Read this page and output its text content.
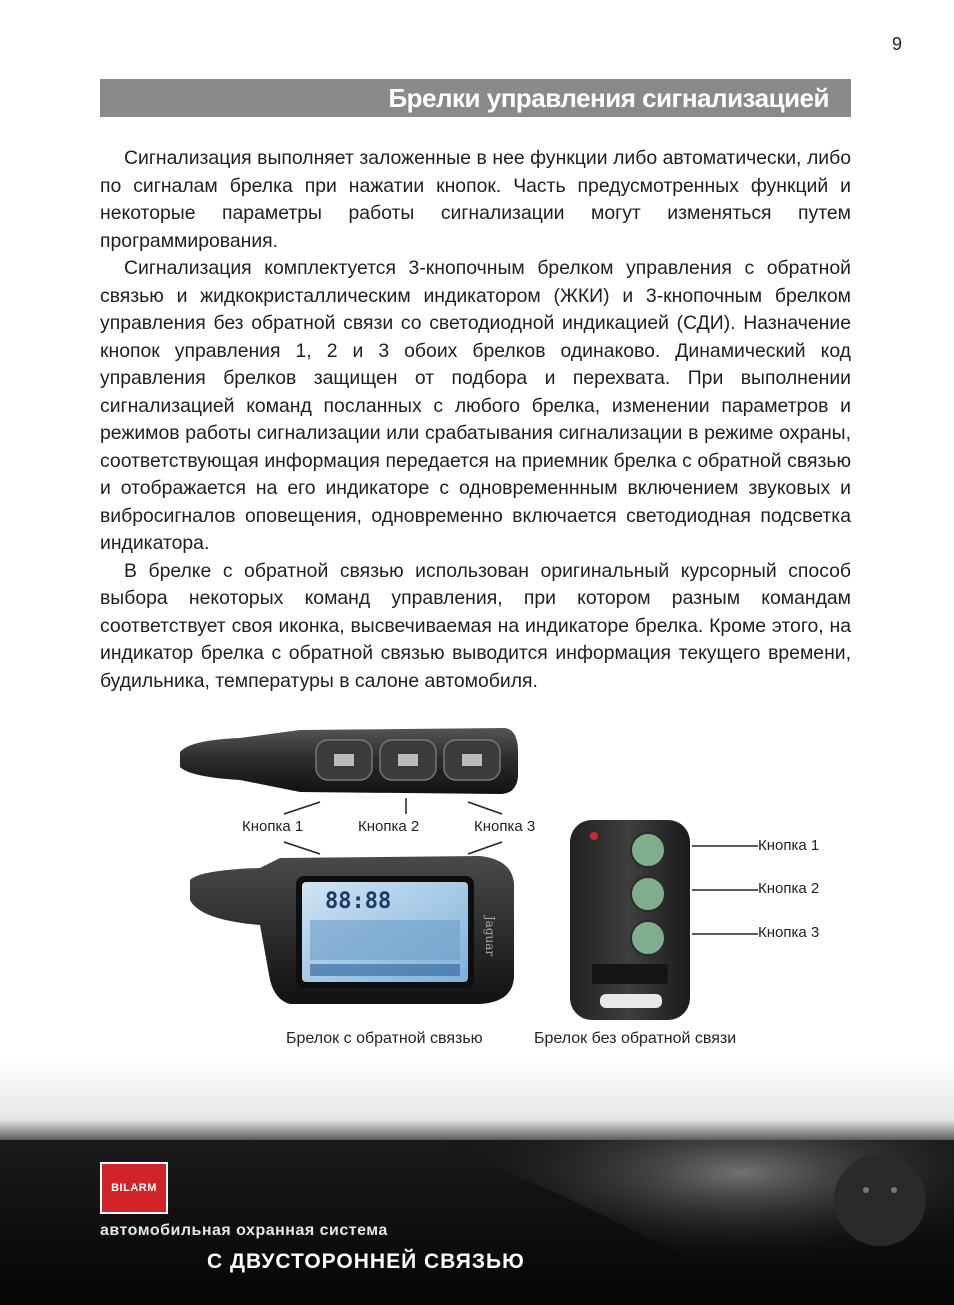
9
Брелки управления сигнализацией

Сигнализация выполняет заложенные в нее функции либо автоматически, либо по сигналам брелка при нажатии кнопок. Часть предусмотренных функций и некоторые параметры работы сигнализации могут изменяться путем программирования.

Сигнализация комплектуется 3-кнопочным брелком управления с обратной связью и жидкокристаллическим индикатором (ЖКИ) и 3-кнопочным брелком управления без обратной связи со светодиодной индикацией (СДИ). Назначение кнопок управления 1, 2 и 3 обоих брелков одинаково. Динамический код управления брелков защищен от подбора и перехвата. При выполнении сигнализацией команд посланных с любого брелка, изменении параметров и режимов работы сигнализации или срабатывания сигнализации в режиме охраны, соответствующая информация передается на приемник брелка с обратной связью и отображается на его индикаторе с одновременнным включением звуковых и вибросигналов оповещения, одновременно включается светодиодная подсветка индикатора.

В брелке с обратной связью использован оригинальный курсорный способ выбора некоторых команд управления, при котором разным командам соответствует своя иконка, высвечиваемая на индикаторе брелка. Кроме этого, на индикатор брелка с обратной связью выводится информация текущего времени, будильника, температуры в салоне автомобиля.

Кнопка 1	Кнопка 2	Кнопка 3
88:88
Jaguar
Брелок с обратной связью
Кнопка 1
Кнопка 2
Кнопка 3
Брелок без обратной связи
BILARM
автомобильная охранная система
С ДВУСТОРОННЕЙ СВЯЗЬЮ
